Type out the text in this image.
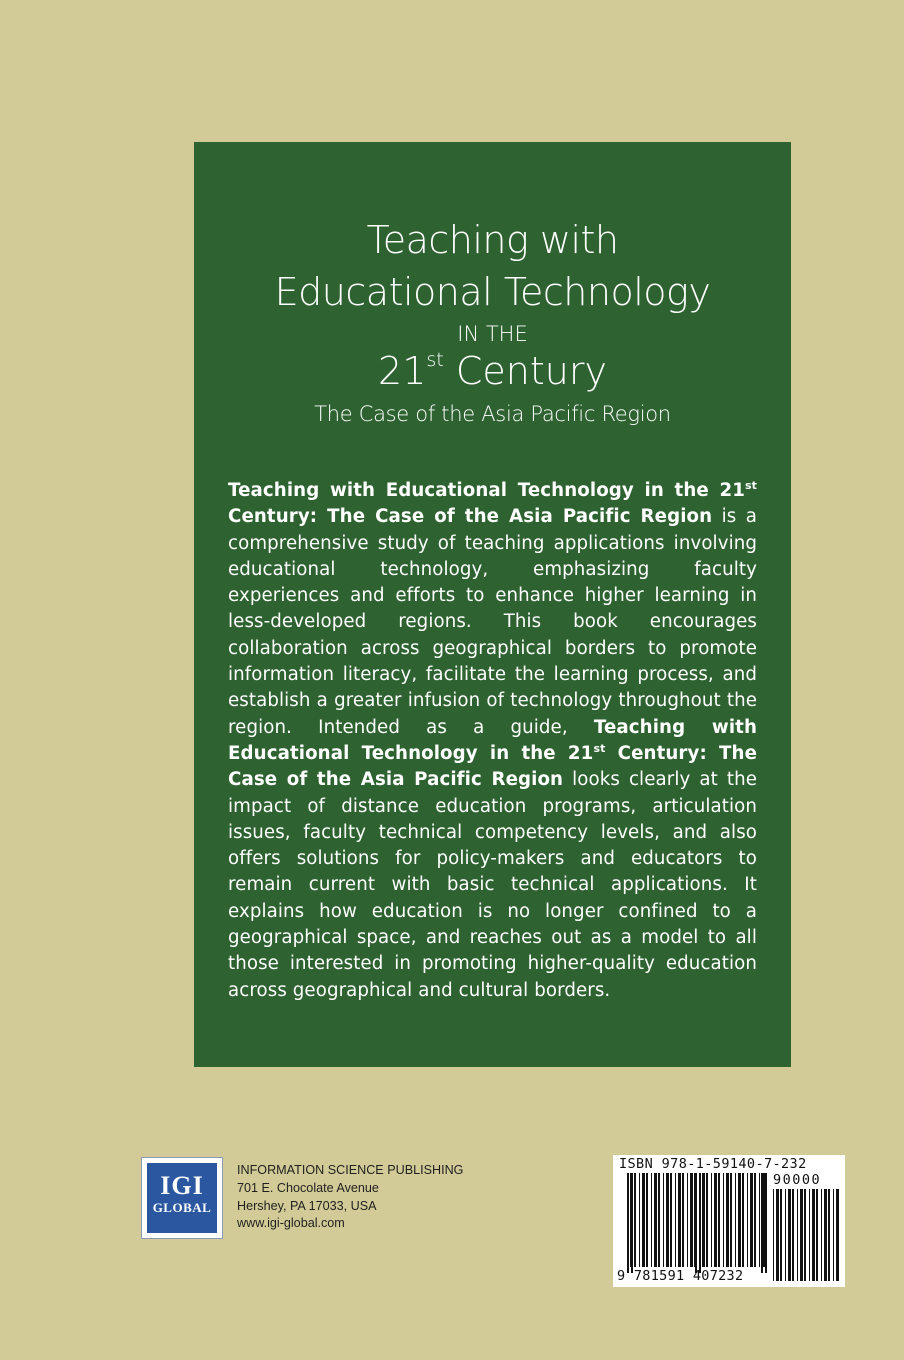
Teaching with
Educational Technology
IN THE
21st Century
The Case of the Asia Pacific Region
Teaching with Educational Technology in the 21st Century: The Case of the Asia Pacific Region is a comprehensive study of teaching applications involving educational technology, emphasizing faculty experiences and efforts to enhance higher learning in less-developed regions. This book encourages collaboration across geographical borders to promote information literacy, facilitate the learning process, and establish a greater infusion of technology throughout the region. Intended as a guide, Teaching with Educational Technology in the 21st Century: The Case of the Asia Pacific Region looks clearly at the impact of distance education programs, articulation issues, faculty technical competency levels, and also offers solutions for policy-makers and educators to remain current with basic technical applications. It explains how education is no longer confined to a geographical space, and reaches out as a model to all those interested in promoting higher-quality education across geographical and cultural borders.
IGI
GLOBAL
INFORMATION SCIENCE PUBLISHING
701 E. Chocolate Avenue
Hershey, PA 17033, USA
www.igi-global.com
ISBN 978-1-59140-7-232
90000
9 781591 407232
